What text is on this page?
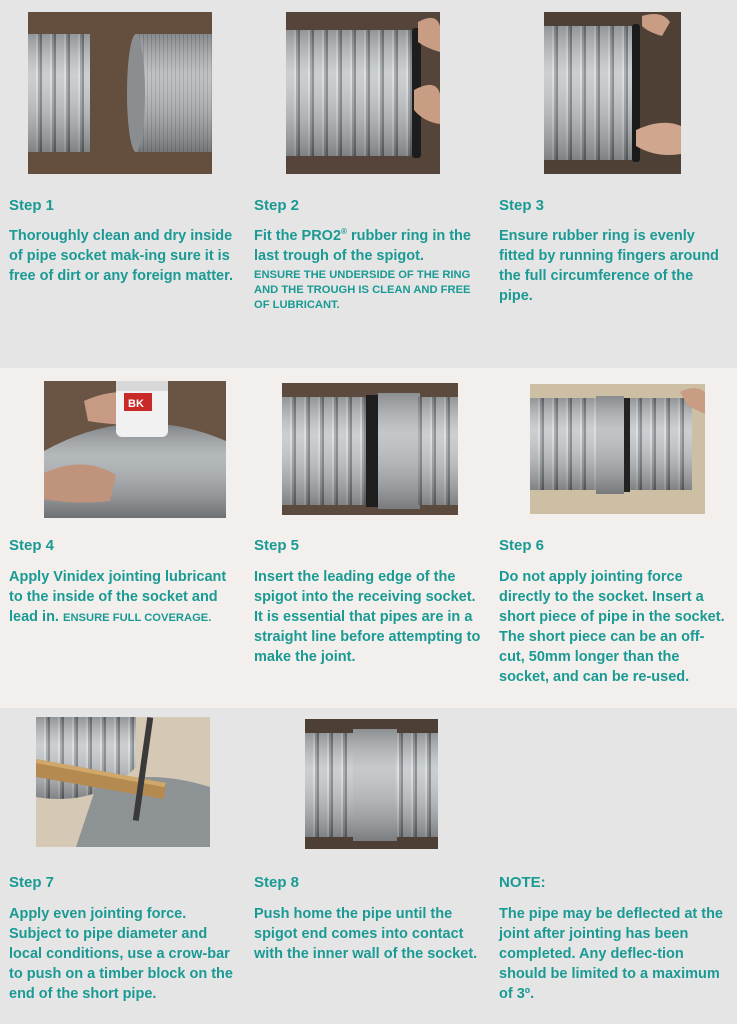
Step 1

Thoroughly clean and dry inside of pipe socket mak-ing sure it is free of dirt or any foreign matter.

Step 2

Fit the PRO2® rubber ring in the last trough of the spigot.
ENSURE THE UNDERSIDE OF THE RING AND THE TROUGH IS CLEAN AND FREE OF LUBRICANT.

Step 3

Ensure rubber ring is evenly fitted by running fingers around the full circumference of the pipe.

BK

Step 4

Apply Vinidex jointing lubricant to the inside of the socket and lead in. ENSURE FULL COVERAGE.

Step 5

Insert the leading edge of the spigot into the receiving socket. It is essential that pipes are in a straight line before attempting to make the joint.

Step 6

Do not apply jointing force directly to the socket. Insert a short piece of pipe in the socket. The short piece can be an off-cut, 50mm longer than the socket, and can be re-used.

Step 7

Apply even jointing force. Subject to pipe diameter and local conditions, use a crow-bar to push on a timber block on the end of the short pipe.

Step 8

Push home the pipe until the spigot end comes into contact with the inner wall of the socket.

NOTE:

The pipe may be deflected at the joint after jointing has been completed. Any deflec-tion should be limited to a maximum of 3º.
